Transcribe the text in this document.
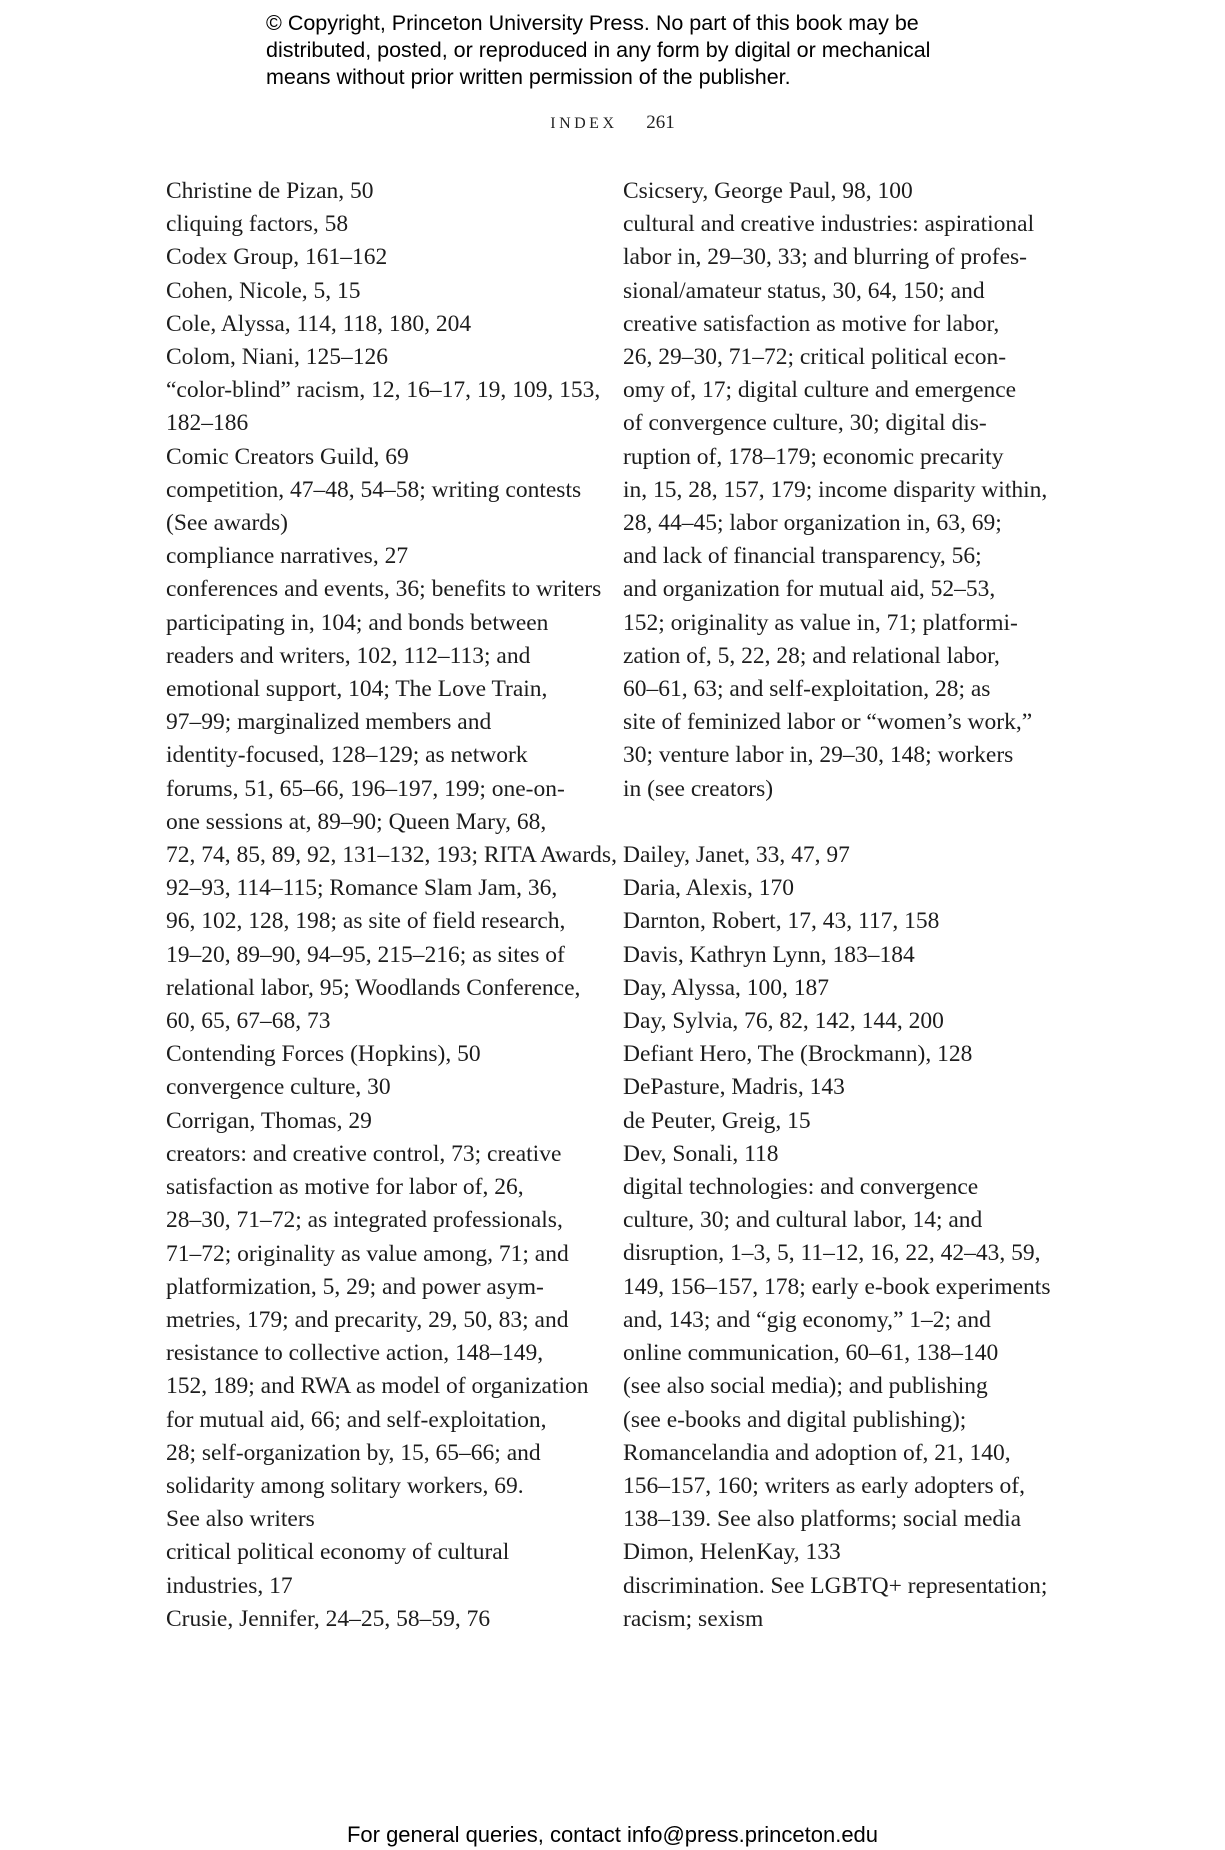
© Copyright, Princeton University Press. No part of this book may be
distributed, posted, or reproduced in any form by digital or mechanical
means without prior written permission of the publisher.
INDEX 261
Christine de Pizan, 50
cliquing factors, 58
Codex Group, 161–162
Cohen, Nicole, 5, 15
Cole, Alyssa, 114, 118, 180, 204
Colom, Niani, 125–126
“color-blind” racism, 12, 16–17, 19, 109, 153,
182–186
Comic Creators Guild, 69
competition, 47–48, 54–58; writing contests
(See awards)
compliance narratives, 27
conferences and events, 36; benefits to writers
participating in, 104; and bonds between
readers and writers, 102, 112–113; and
emotional support, 104; The Love Train,
97–99; marginalized members and
identity-focused, 128–129; as network
forums, 51, 65–66, 196–197, 199; one-on-
one sessions at, 89–90; Queen Mary, 68,
72, 74, 85, 89, 92, 131–132, 193; RITA Awards,
92–93, 114–115; Romance Slam Jam, 36,
96, 102, 128, 198; as site of field research,
19–20, 89–90, 94–95, 215–216; as sites of
relational labor, 95; Woodlands Conference,
60, 65, 67–68, 73
Contending Forces (Hopkins), 50
convergence culture, 30
Corrigan, Thomas, 29
creators: and creative control, 73; creative
satisfaction as motive for labor of, 26,
28–30, 71–72; as integrated professionals,
71–72; originality as value among, 71; and
platformization, 5, 29; and power asym-
metries, 179; and precarity, 29, 50, 83; and
resistance to collective action, 148–149,
152, 189; and RWA as model of organization
for mutual aid, 66; and self-exploitation,
28; self-organization by, 15, 65–66; and
solidarity among solitary workers, 69.
See also writers
critical political economy of cultural
industries, 17
Crusie, Jennifer, 24–25, 58–59, 76
Csicsery, George Paul, 98, 100
cultural and creative industries: aspirational
labor in, 29–30, 33; and blurring of profes-
sional/amateur status, 30, 64, 150; and
creative satisfaction as motive for labor,
26, 29–30, 71–72; critical political econ-
omy of, 17; digital culture and emergence
of convergence culture, 30; digital dis-
ruption of, 178–179; economic precarity
in, 15, 28, 157, 179; income disparity within,
28, 44–45; labor organization in, 63, 69;
and lack of financial transparency, 56;
and organization for mutual aid, 52–53,
152; originality as value in, 71; platformi-
zation of, 5, 22, 28; and relational labor,
60–61, 63; and self-exploitation, 28; as
site of feminized labor or “women’s work,”
30; venture labor in, 29–30, 148; workers
in (see creators)
Dailey, Janet, 33, 47, 97
Daria, Alexis, 170
Darnton, Robert, 17, 43, 117, 158
Davis, Kathryn Lynn, 183–184
Day, Alyssa, 100, 187
Day, Sylvia, 76, 82, 142, 144, 200
Defiant Hero, The (Brockmann), 128
DePasture, Madris, 143
de Peuter, Greig, 15
Dev, Sonali, 118
digital technologies: and convergence
culture, 30; and cultural labor, 14; and
disruption, 1–3, 5, 11–12, 16, 22, 42–43, 59,
149, 156–157, 178; early e-book experiments
and, 143; and “gig economy,” 1–2; and
online communication, 60–61, 138–140
(see also social media); and publishing
(see e-books and digital publishing);
Romancelandia and adoption of, 21, 140,
156–157, 160; writers as early adopters of,
138–139. See also platforms; social media
Dimon, HelenKay, 133
discrimination. See LGBTQ+ representation;
racism; sexism
For general queries, contact info@press.princeton.edu
